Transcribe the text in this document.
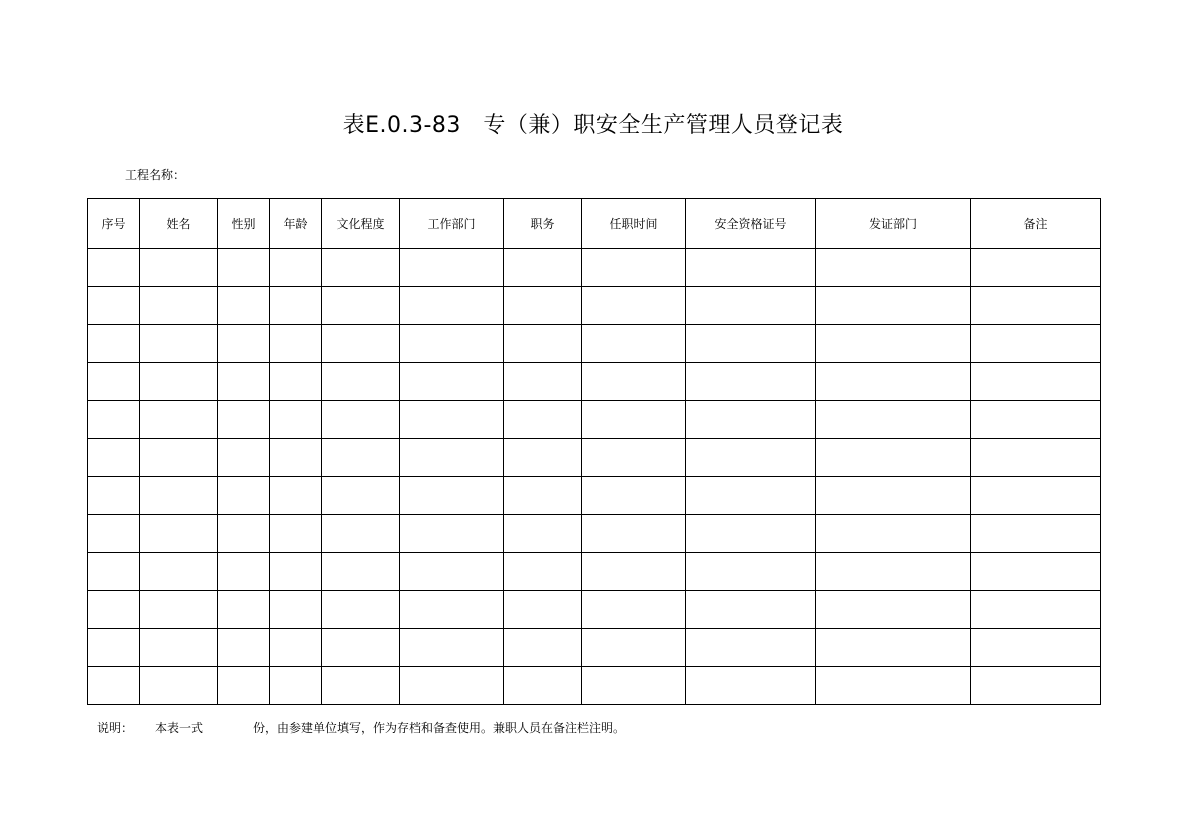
表E.0.3-83　专（兼）职安全生产管理人员登记表
工程名称：
序号	姓名	性别	年龄	文化程度	工作部门	职务	任职时间	安全资格证号	发证部门	备注

说明： 本表一式	份，由参建单位填写，作为存档和备查使用。兼职人员在备注栏注明。
